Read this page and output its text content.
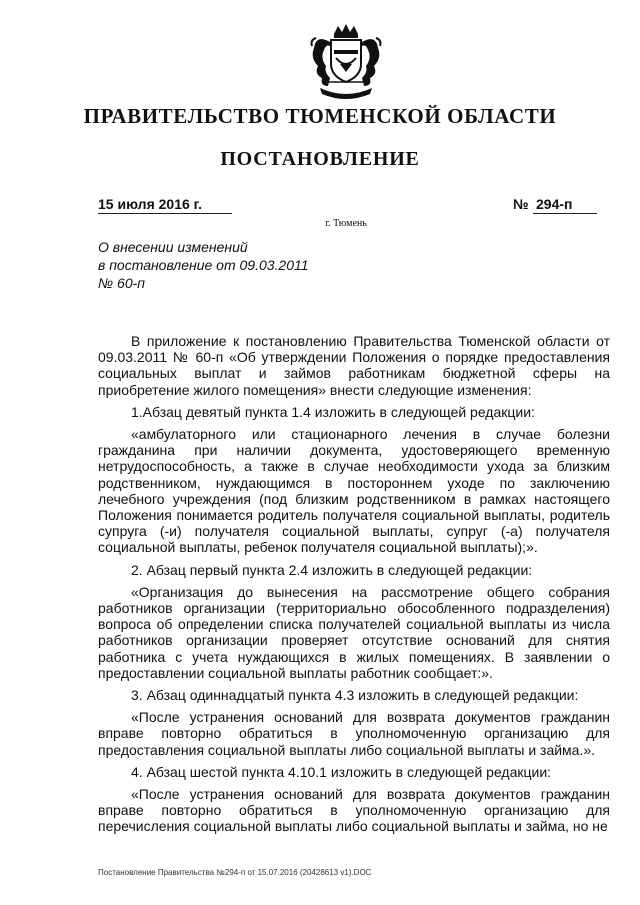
ПРАВИТЕЛЬСТВО ТЮМЕНСКОЙ ОБЛАСТИ
ПОСТАНОВЛЕНИЕ
15 июля 2016 г.	№ 294-п
г. Тюмень
О внесении изменений
в постановление от 09.03.2011
№ 60-п

В приложение к постановлению Правительства Тюменской области от 09.03.2011 № 60-п «Об утверждении Положения о порядке предоставления социальных выплат и займов работникам бюджетной сферы на приобретение жилого помещения» внести следующие изменения:

1.Абзац девятый пункта 1.4 изложить в следующей редакции:

«амбулаторного или стационарного лечения в случае болезни гражданина при наличии документа, удостоверяющего временную нетрудоспособность, а также в случае необходимости ухода за близким родственником, нуждающимся в постороннем уходе по заключению лечебного учреждения (под близким родственником в рамках настоящего Положения понимается родитель получателя социальной выплаты, родитель супруга (-и) получателя социальной выплаты, супруг (-а) получателя социальной выплаты, ребенок получателя социальной выплаты);».

2. Абзац первый пункта 2.4 изложить в следующей редакции:

«Организация до вынесения на рассмотрение общего собрания работников организации (территориально обособленного подразделения) вопроса об определении списка получателей социальной выплаты из числа работников организации проверяет отсутствие оснований для снятия работника с учета нуждающихся в жилых помещениях. В заявлении о предоставлении социальной выплаты работник сообщает:».

3. Абзац одиннадцатый пункта 4.3 изложить в следующей редакции:

«После устранения оснований для возврата документов гражданин вправе повторно обратиться в уполномоченную организацию для предоставления социальной выплаты либо социальной выплаты и займа.».

4. Абзац шестой пункта 4.10.1 изложить в следующей редакции:

«После устранения оснований для возврата документов гражданин вправе повторно обратиться в уполномоченную организацию для перечисления социальной выплаты либо социальной выплаты и займа, но не

Постановление Правительства №294-п от 15.07.2016 (20428613 v1).DOC
